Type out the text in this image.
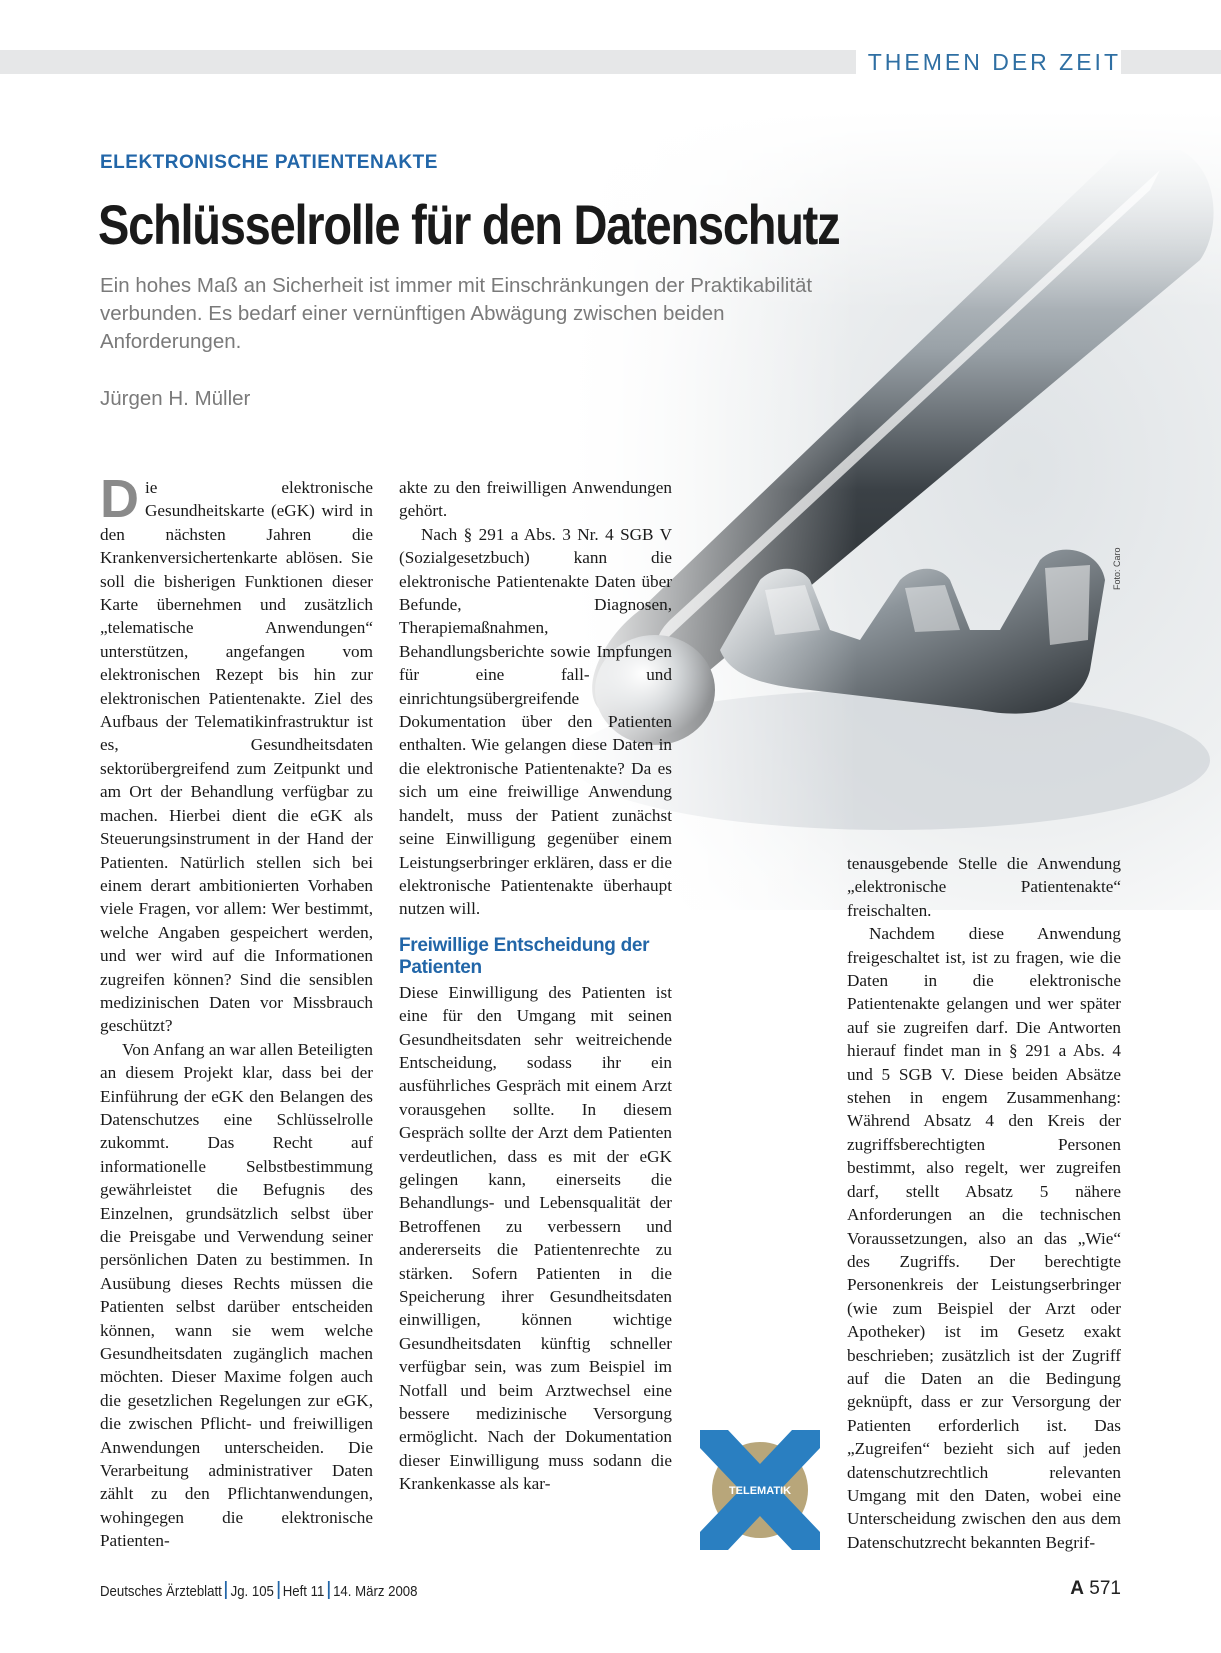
THEMEN DER ZEIT
Foto: Caro
ELEKTRONISCHE PATIENTENAKTE
Schlüsselrolle für den Datenschutz
Ein hohes Maß an Sicherheit ist immer mit Einschränkungen der Praktikabilität verbunden. Es bedarf einer vernünftigen Abwägung zwischen beiden Anforderungen.
Jürgen H. Müller

Die elektronische Gesundheitskarte (eGK) wird in den nächsten Jahren die Krankenversichertenkarte ablösen. Sie soll die bisherigen Funktionen dieser Karte übernehmen und zusätzlich „telematische Anwendungen“ unterstützen, angefangen vom elektronischen Rezept bis hin zur elektronischen Patientenakte. Ziel des Aufbaus der Telematikinfrastruktur ist es, Gesundheitsdaten sektorübergreifend zum Zeitpunkt und am Ort der Behandlung verfügbar zu machen. Hierbei dient die eGK als Steuerungsinstrument in der Hand der Patienten. Natürlich stellen sich bei einem derart ambitionierten Vorhaben viele Fragen, vor allem: Wer bestimmt, welche Angaben gespeichert werden, und wer wird auf die Informationen zugreifen können? Sind die sensiblen medizinischen Daten vor Missbrauch geschützt?

Von Anfang an war allen Beteiligten an diesem Projekt klar, dass bei der Einführung der eGK den Belangen des Datenschutzes eine Schlüsselrolle zukommt. Das Recht auf informationelle Selbstbestimmung gewährleistet die Befugnis des Einzelnen, grundsätzlich selbst über die Preisgabe und Verwendung seiner persönlichen Daten zu bestimmen. In Ausübung dieses Rechts müssen die Patienten selbst darüber entscheiden können, wann sie wem welche Gesundheitsdaten zugänglich machen möchten. Dieser Maxime folgen auch die gesetzlichen Regelungen zur eGK, die zwischen Pflicht- und freiwilligen Anwendungen unterscheiden. Die Verarbeitung administrativer Daten zählt zu den Pflichtanwendungen, wohingegen die elektronische Patienten-

akte zu den freiwilligen Anwendungen gehört.

Nach § 291 a Abs. 3 Nr. 4 SGB V (Sozialgesetzbuch) kann die elektronische Patientenakte Daten über Befunde, Diagnosen, Therapiemaßnahmen, Behandlungsberichte sowie Impfungen für eine fall- und einrichtungsübergreifende Dokumentation über den Patienten enthalten. Wie gelangen diese Daten in die elektronische Patientenakte? Da es sich um eine freiwillige Anwendung handelt, muss der Patient zunächst seine Einwilligung gegenüber einem Leistungserbringer erklären, dass er die elektronische Patientenakte überhaupt nutzen will.

Freiwillige Entscheidung der Patienten

Diese Einwilligung des Patienten ist eine für den Umgang mit seinen Gesundheitsdaten sehr weitreichende Entscheidung, sodass ihr ein ausführliches Gespräch mit einem Arzt vorausgehen sollte. In diesem Gespräch sollte der Arzt dem Patienten verdeutlichen, dass es mit der eGK gelingen kann, einerseits die Behandlungs- und Lebensqualität der Betroffenen zu verbessern und andererseits die Patientenrechte zu stärken. Sofern Patienten in die Speicherung ihrer Gesundheitsdaten einwilligen, können wichtige Gesundheitsdaten künftig schneller verfügbar sein, was zum Beispiel im Notfall und beim Arztwechsel eine bessere medizinische Versorgung ermöglicht. Nach der Dokumentation dieser Einwilligung muss sodann die Krankenkasse als kar-

tenausgebende Stelle die Anwendung „elektronische Patientenakte“ freischalten.

Nachdem diese Anwendung freigeschaltet ist, ist zu fragen, wie die Daten in die elektronische Patientenakte gelangen und wer später auf sie zugreifen darf. Die Antworten hierauf findet man in § 291 a Abs. 4 und 5 SGB V. Diese beiden Absätze stehen in engem Zusammenhang: Während Absatz 4 den Kreis der zugriffsberechtigten Personen bestimmt, also regelt, wer zugreifen darf, stellt Absatz 5 nähere Anforderungen an die technischen Voraussetzungen, also an das „Wie“ des Zugriffs. Der berechtigte Personenkreis der Leistungserbringer (wie zum Beispiel der Arzt oder Apotheker) ist im Gesetz exakt beschrieben; zusätzlich ist der Zugriff auf die Daten an die Bedingung geknüpft, dass er zur Versorgung der Patienten erforderlich ist. Das „Zugreifen“ bezieht sich auf jeden datenschutzrechtlich relevanten Umgang mit den Daten, wobei eine Unterscheidung zwischen den aus dem Datenschutzrecht bekannten Begrif-

TELEMATIK
Deutsches Ärzteblatt Jg. 105 Heft 11 14. März 2008	A 571
